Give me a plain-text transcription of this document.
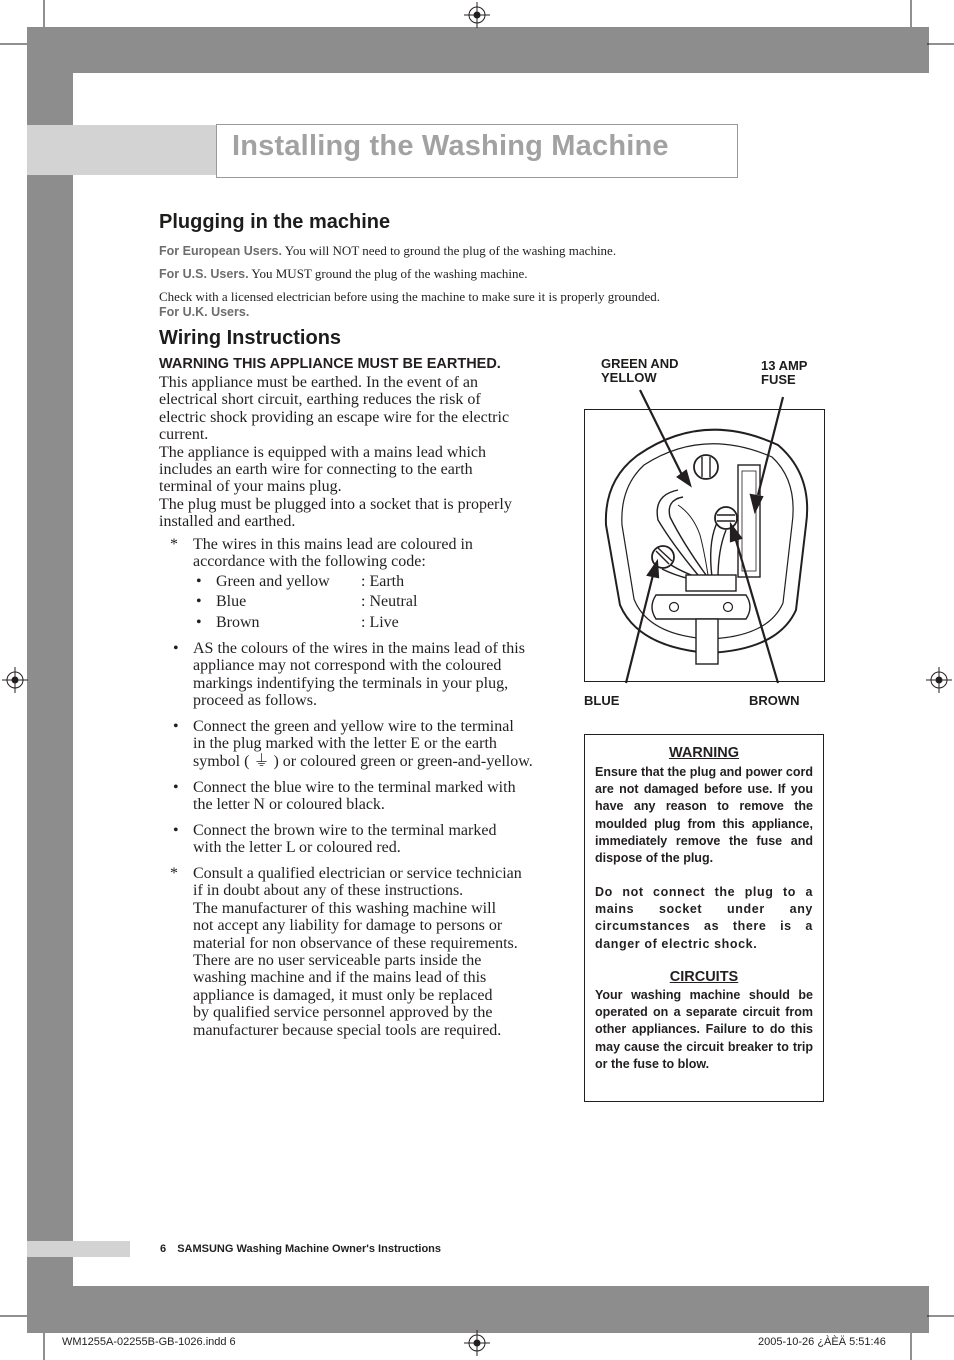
Installing the Washing Machine
Plugging in the machine
For European Users. You will NOT need to ground the plug of the washing machine.
For U.S. Users. You MUST ground the plug of the washing machine.
Check with a licensed electrician before using the machine to make sure it is properly grounded.
For U.K. Users.
Wiring Instructions
WARNING THIS APPLIANCE MUST BE EARTHED.
This appliance must be earthed. In the event of an
electrical short circuit, earthing reduces the risk of
electric shock providing an escape wire for the electric
current.
The appliance is equipped with a mains lead which
includes an earth wire for connecting to the earth
terminal of your mains plug.
The plug must be plugged into a socket that is properly
installed and earthed.
* The wires in this mains lead are coloured in
accordance with the following code:
• Green and yellow : Earth
• Blue	: Neutral
• Brown	: Live
• AS the colours of the wires in the mains lead of this
appliance may not correspond with the coloured
markings indentifying the terminals in your plug,
proceed as follows.
• Connect the green and yellow wire to the terminal
in the plug marked with the letter E or the earth
symbol ( ⏚ ) or coloured green or green-and-yellow.
• Connect the blue wire to the terminal marked with
the letter N or coloured black.
• Connect the brown wire to the terminal marked
with the letter L or coloured red.
* Consult a qualified electrician or service technician
if in doubt about any of these instructions.
The manufacturer of this washing machine will
not accept any liability for damage to persons or
material for non observance of these requirements.
There are no user serviceable parts inside the
washing machine and if the mains lead of this
appliance is damaged, it must only be replaced
by qualified service personnel approved by the
manufacturer because special tools are required.
GREEN AND
YELLOW
13 AMP
FUSE
BLUE	BROWN
WARNING
Ensure that the plug and power cord are not damaged before use. If you have any reason to remove the moulded plug from this appliance, immediately remove the fuse and dispose of the plug.
Do not connect the plug to a mains socket under any circumstances as there is a danger of electric shock.
CIRCUITS
Your washing machine should be operated on a separate circuit from other appliances. Failure to do this may cause the circuit breaker to trip or the fuse to blow.
6 SAMSUNG Washing Machine Owner's Instructions
WM1255A-02255B-GB-1026.indd 6	2005-10-26 ¿ÀÈÄ 5:51:46
